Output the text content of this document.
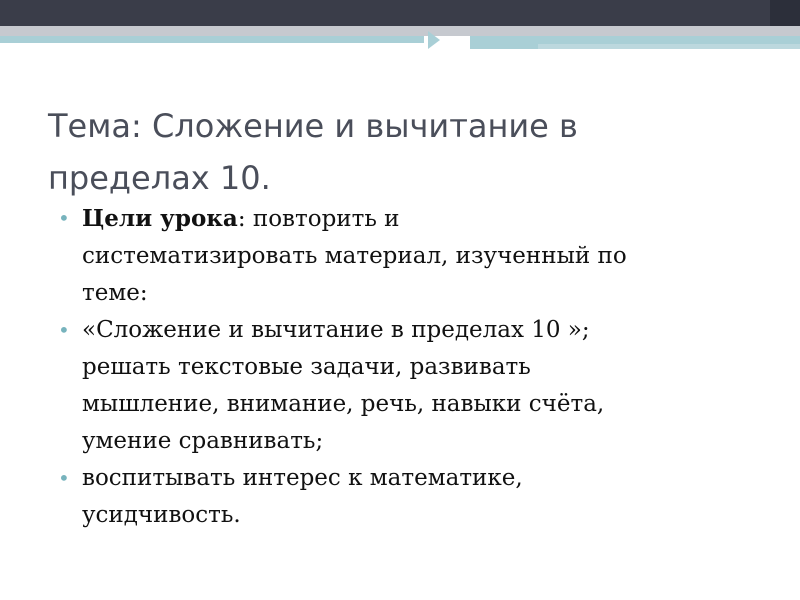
Тема: Сложение и вычитание в
пределах 10.
• Цели урока: повторить и
систематизировать материал, изученный по
теме:
• «Сложение и вычитание в пределах 10 »;
решать текстовые задачи, развивать
мышление, внимание, речь, навыки счёта,
умение сравнивать;
• воспитывать интерес к математике,
усидчивость.
